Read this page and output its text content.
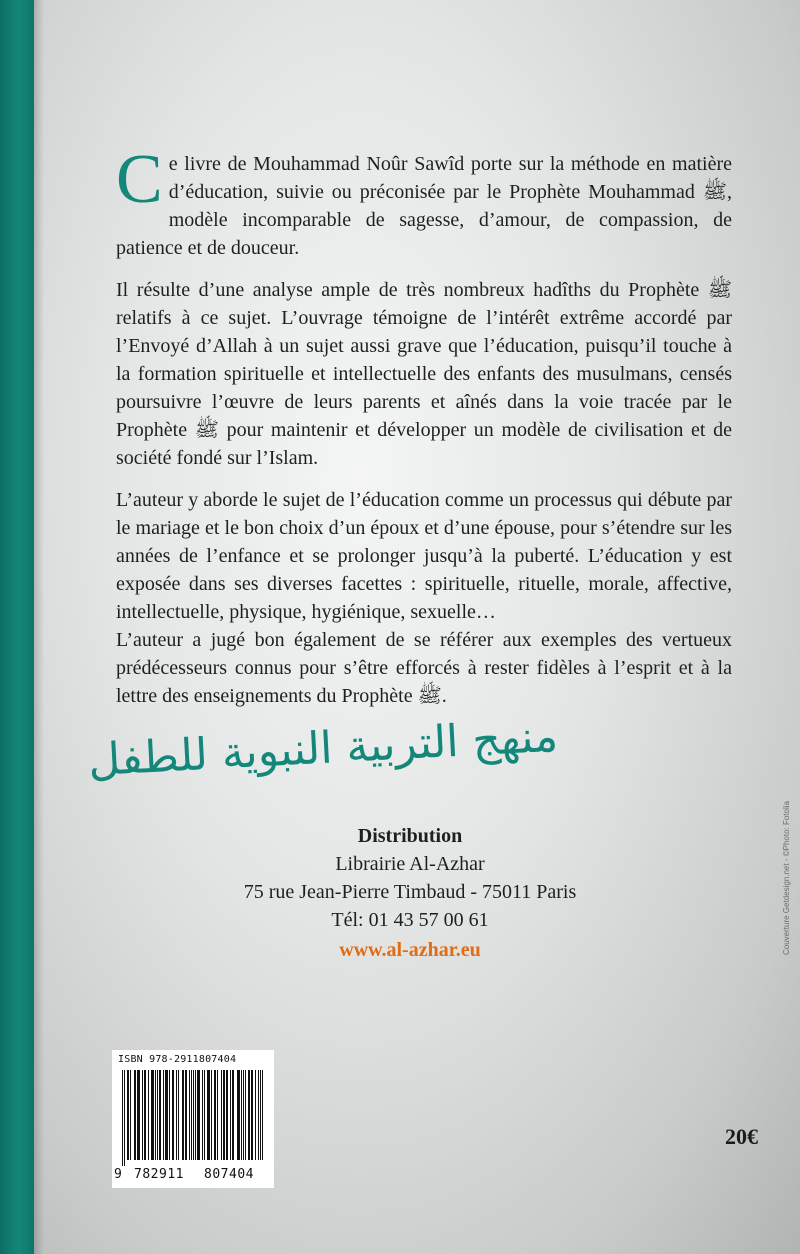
C e livre de Mouhammad Noûr Sawîd porte sur la méthode en matière d’éducation, suivie ou préconisée par le Prophète Mouhammad ﷺ, modèle incomparable de sagesse, d’amour, de compassion, de patience et de douceur.

Il résulte d’une analyse ample de très nombreux hadîths du Prophète ﷺ relatifs à ce sujet. L’ouvrage témoigne de l’intérêt extrême accordé par l’Envoyé d’Allah à un sujet aussi grave que l’éducation, puisqu’il touche à la formation spirituelle et intellectuelle des enfants des musulmans, censés poursuivre l’œuvre de leurs parents et aînés dans la voie tracée par le Prophète ﷺ pour maintenir et développer un modèle de civilisation et de société fondé sur l’Islam.

L’auteur y aborde le sujet de l’éducation comme un processus qui débute par le mariage et le bon choix d’un époux et d’une épouse, pour s’étendre sur les années de l’enfance et se prolonger jusqu’à la puberté. L’éducation y est exposée dans ses diverses facettes : spirituelle, rituelle, morale, affective, intellectuelle, physique, hygiénique, sexuelle…

L’auteur a jugé bon également de se référer aux exemples des vertueux prédécesseurs connus pour s’être efforcés à rester fidèles à l’esprit et à la lettre des enseignements du Prophète ﷺ.

منهج التربية النبوية للطفل
Distribution
Librairie Al-Azhar
75 rue Jean-Pierre Timbaud - 75011 Paris
Tél: 01 43 57 00 61
www.al-azhar.eu	Couverture Getdesign.net - ©Photo: Fotolia
ISBN 978-2911807404
9 782911	807404
20€
